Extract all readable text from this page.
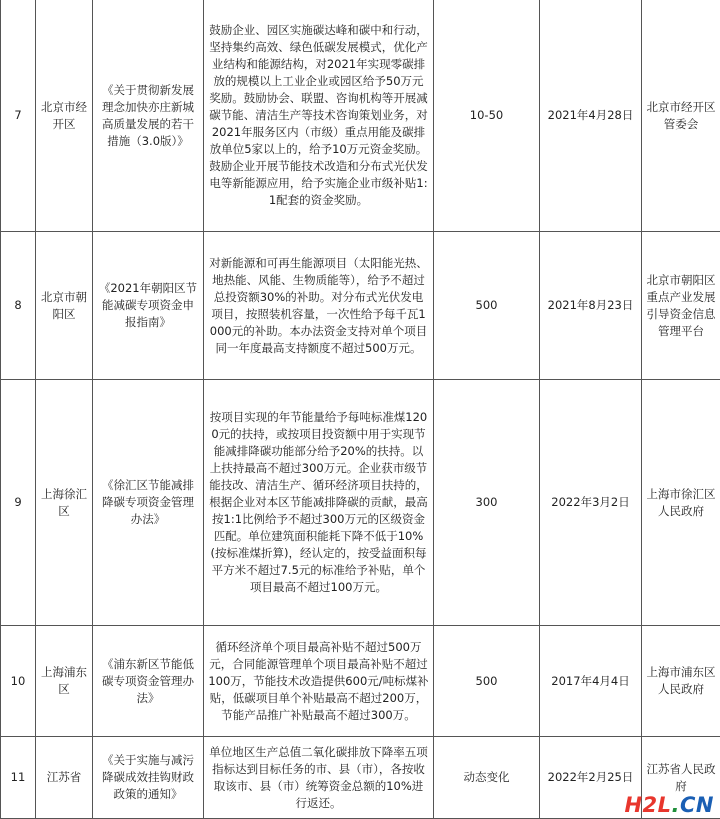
7	北京市经开区	《关于贯彻新发展理念加快亦庄新城高质量发展的若干措施（3.0版）》	鼓励企业、园区实施碳达峰和碳中和行动，坚持集约高效、绿色低碳发展模式，优化产业结构和能源结构，对2021年实现零碳排放的规模以上工业企业或园区给予50万元奖励。鼓励协会、联盟、咨询机构等开展减碳节能、清洁生产等技术咨询策划业务，对2021年服务区内（市级）重点用能及碳排放单位5家以上的，给予10万元资金奖励。鼓励企业开展节能技术改造和分布式光伏发电等新能源应用，给予实施企业市级补贴1:1配套的资金奖励。	10-50	2021年4月28日	北京市经开区管委会
8	北京市朝阳区	《2021年朝阳区节能减碳专项资金申报指南》	对新能源和可再生能源项目（太阳能光热、地热能、风能、生物质能等），给予不超过总投资额30%的补助。对分布式光伏发电项目，按照装机容量，一次性给予每千瓦1000元的补助。本办法资金支持对单个项目同一年度最高支持额度不超过500万元。	500	2021年8月23日	北京市朝阳区重点产业发展引导资金信息管理平台
9	上海徐汇区	《徐汇区节能减排降碳专项资金管理办法》	按项目实现的年节能量给予每吨标准煤1200元的扶持，或按项目投资额中用于实现节能减排降碳功能部分给予20%的扶持。以上扶持最高不超过300万元。企业获市级节能技改、清洁生产、循环经济项目扶持的，根据企业对本区节能减排降碳的贡献，最高按1:1比例给予不超过300万元的区级资金匹配。单位建筑面积能耗下降不低于10%(按标准煤折算)，经认定的，按受益面积每平方米不超过7.5元的标准给予补贴，单个项目最高不超过100万元。	300	2022年3月2日	上海市徐汇区人民政府
10	上海浦东区	《浦东新区节能低碳专项资金管理办法》	循环经济单个项目最高补贴不超过500万元，合同能源管理单个项目最高补贴不超过100万，节能技术改造提供600元/吨标煤补贴，低碳项目单个补贴最高不超过200万，节能产品推广补贴最高不超过300万。	500	2017年4月4日	上海市浦东区人民政府
11	江苏省	《关于实施与减污降碳成效挂钩财政政策的通知》	单位地区生产总值二氧化碳排放下降率五项指标达到目标任务的市、县（市），各按收取该市、县（市）统筹资金总额的10%进行返还。	动态变化	2022年2月25日	江苏省人民政府
H2L.CN
